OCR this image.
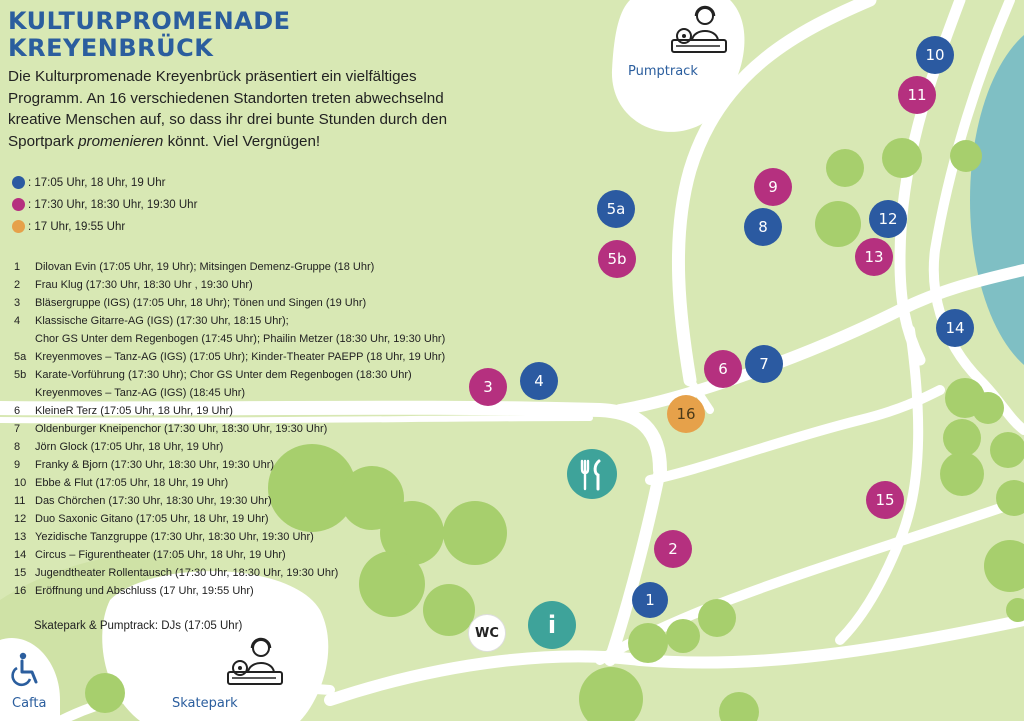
KULTURPROMENADE
KREYENBRÜCK

Die Kulturpromenade Kreyenbrück präsentiert ein vielfältiges Programm. An 16 verschiedenen Standorten treten abwechselnd kreative Menschen auf, so dass ihr drei bunte Stunden durch den Sportpark promenieren könnt. Viel Vergnügen!

: 17:05 Uhr, 18 Uhr, 19 Uhr
: 17:30 Uhr, 18:30 Uhr, 19:30 Uhr
: 17 Uhr, 19:55 Uhr
1 Dilovan Evin (17:05 Uhr, 19 Uhr); Mitsingen Demenz-Gruppe (18 Uhr)
2 Frau Klug (17:30 Uhr, 18:30 Uhr , 19:30 Uhr)
3 Bläsergruppe (IGS) (17:05 Uhr, 18 Uhr); Tönen und Singen (19 Uhr)
4 Klassische Gitarre-AG (IGS) (17:30 Uhr, 18:15 Uhr);
Chor GS Unter dem Regenbogen (17:45 Uhr); Phailin Metzer (18:30 Uhr, 19:30 Uhr)
5a Kreyenmoves – Tanz-AG (IGS) (17:05 Uhr); Kinder-Theater PAEPP (18 Uhr, 19 Uhr)
5b Karate-Vorführung (17:30 Uhr); Chor GS Unter dem Regenbogen (18:30 Uhr)
Kreyenmoves – Tanz-AG (IGS) (18:45 Uhr)
6 KleineR Terz (17:05 Uhr, 18 Uhr, 19 Uhr)
7 Oldenburger Kneipenchor (17:30 Uhr, 18:30 Uhr, 19:30 Uhr)
8 Jörn Glock (17:05 Uhr, 18 Uhr, 19 Uhr)
9 Franky & Bjorn (17:30 Uhr, 18:30 Uhr, 19:30 Uhr)
10 Ebbe & Flut (17:05 Uhr, 18 Uhr, 19 Uhr)
11 Das Chörchen (17:30 Uhr, 18:30 Uhr, 19:30 Uhr)
12 Duo Saxonic Gitano (17:05 Uhr, 18 Uhr, 19 Uhr)
13 Yezidische Tanzgruppe (17:30 Uhr, 18:30 Uhr, 19:30 Uhr)
14 Circus – Figurentheater (17:05 Uhr, 18 Uhr, 19 Uhr)
15 Jugendtheater Rollentausch (17:30 Uhr, 18:30 Uhr, 19:30 Uhr)
16 Eröffnung und Abschluss (17 Uhr, 19:55 Uhr)
Skatepark & Pumptrack: DJs (17:05 Uhr)
Pumptrack
Skatepark
Cafta
i
WC
1
2
3	4
5a
5b
6	7
8
9
10
11
12
13
14
15
16
